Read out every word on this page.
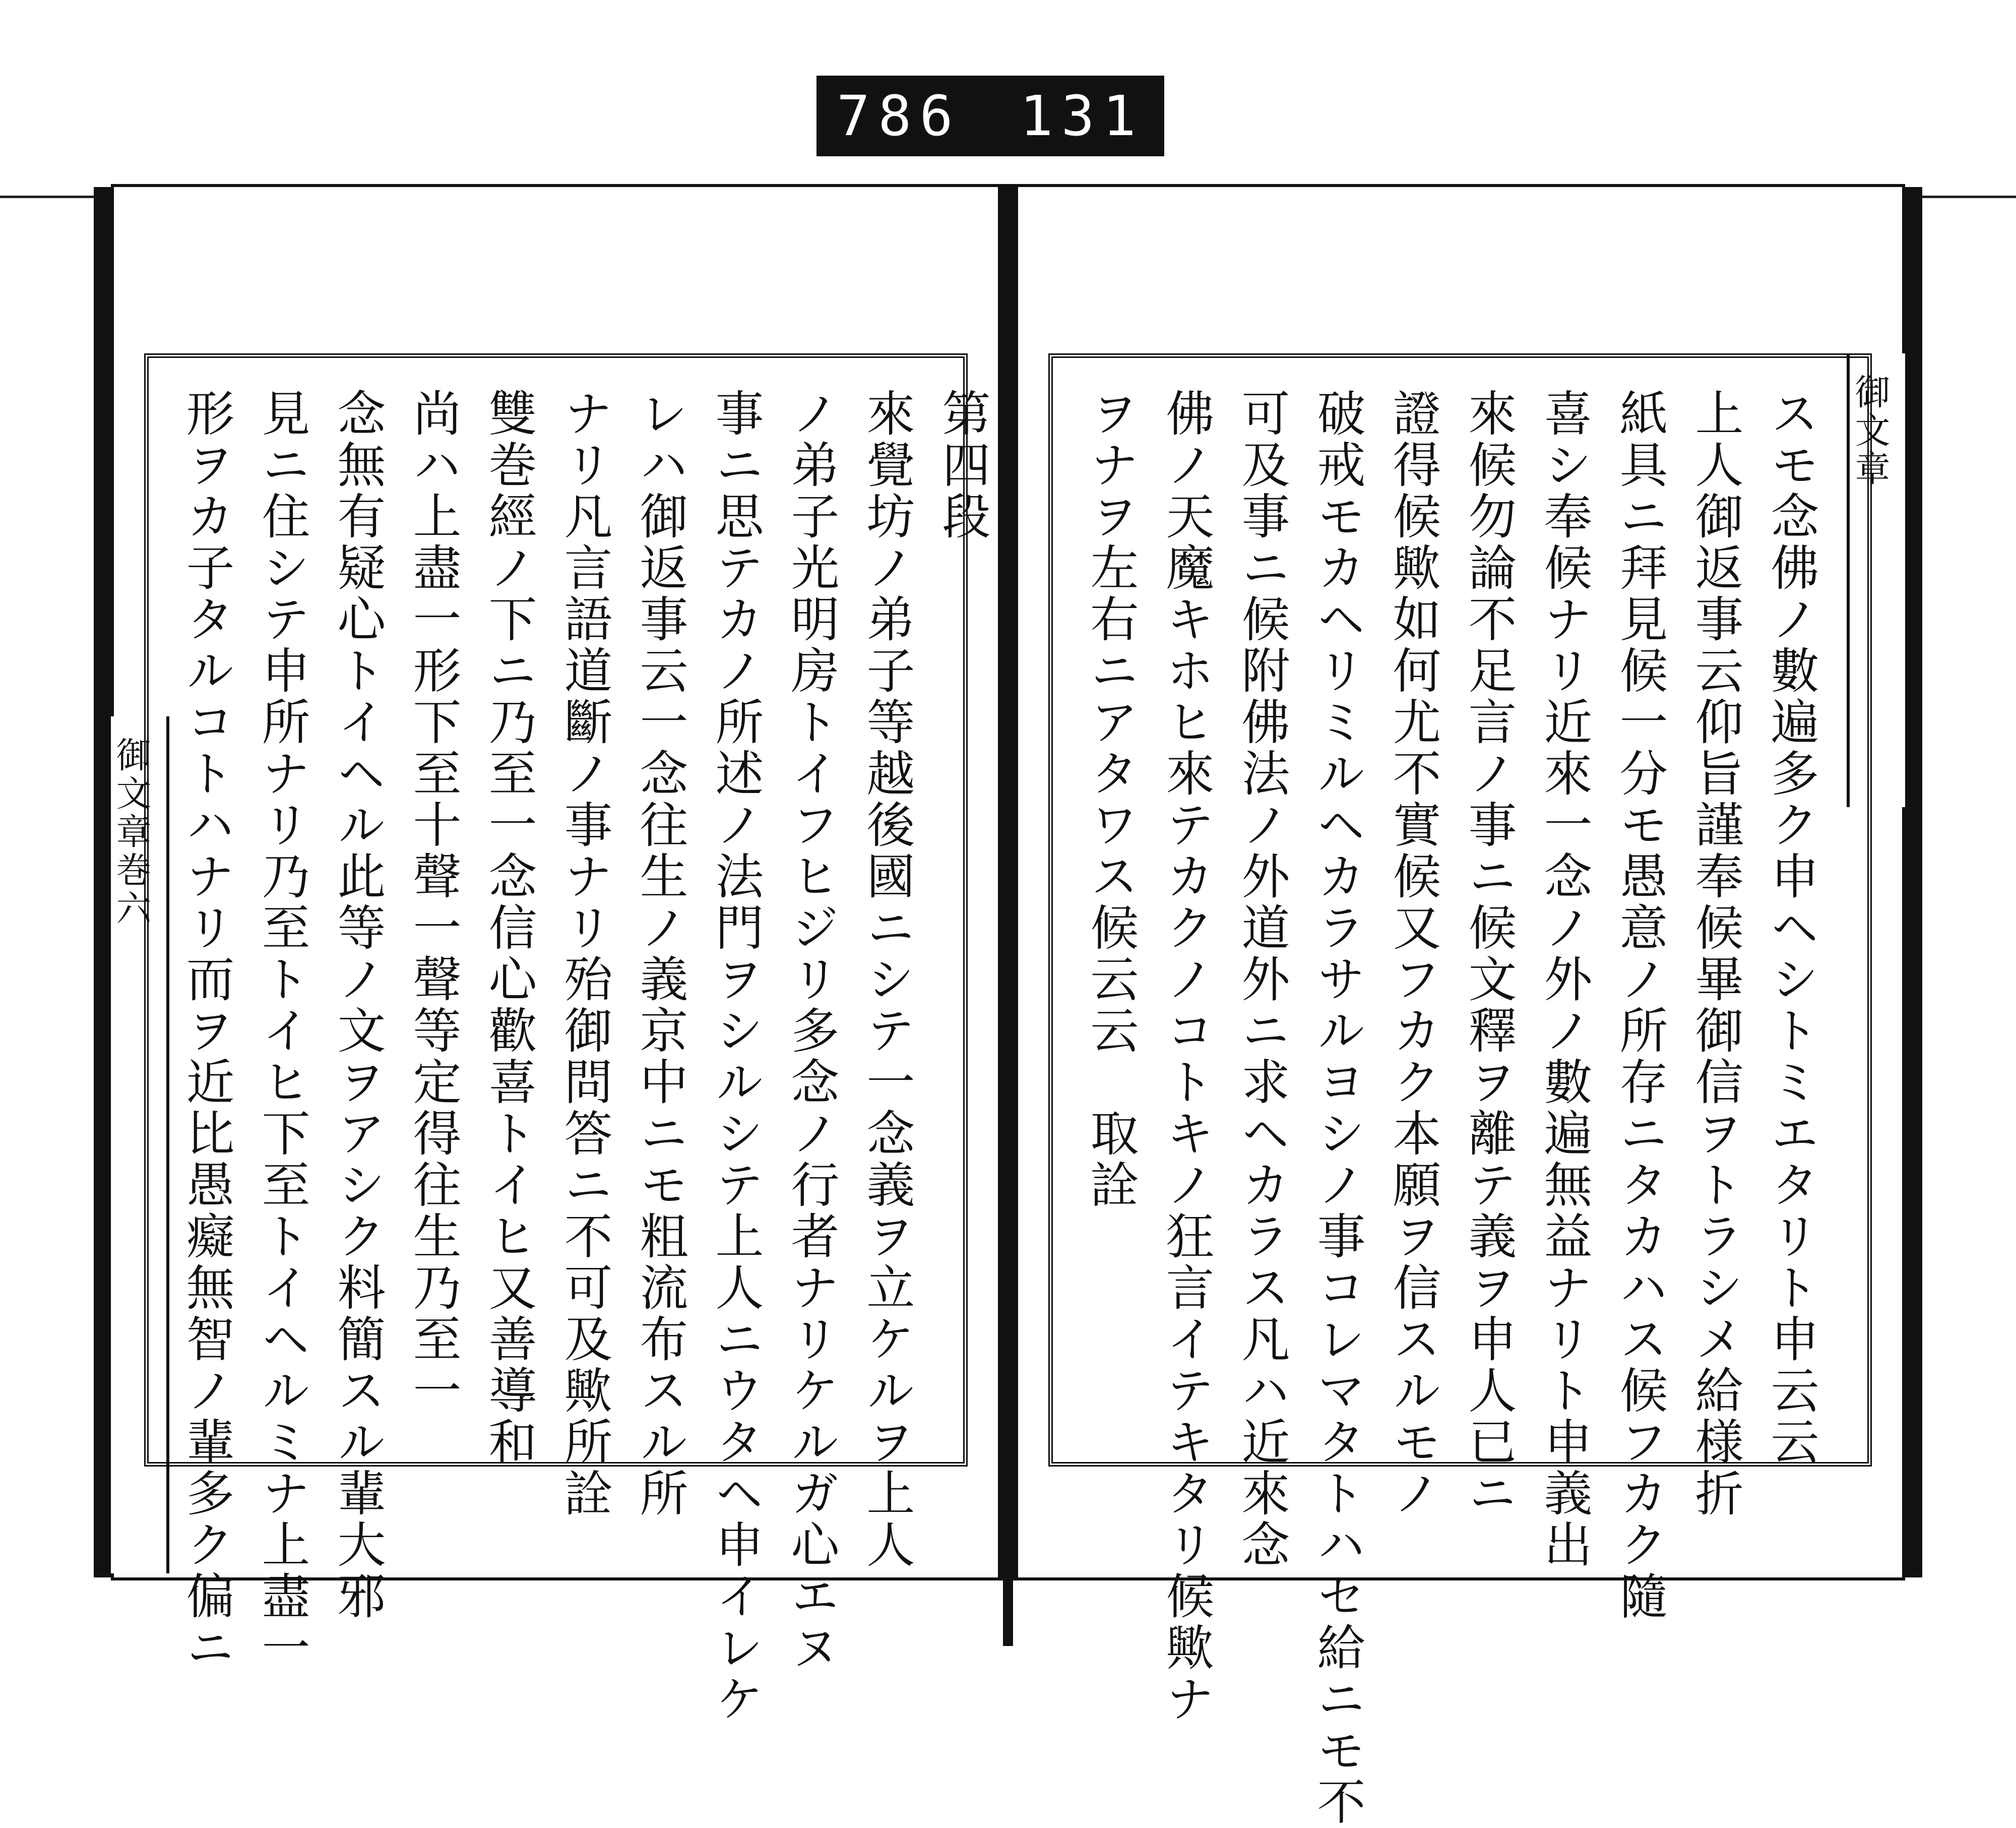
786 131
御文章巻六
第四段
來覺坊ノ弟子等越後國ニシテ一念義ヲ立ケルヲ上人
ノ弟子光明房トイフヒジリ多念ノ行者ナリケルガ心エヌ
事ニ思テカノ所述ノ法門ヲシルシテ上人ニウタヘ申イレケ
レハ御返事云一念往生ノ義京中ニモ粗流布スル所
ナリ凡言語道斷ノ事ナリ殆御問答ニ不可及歟所詮
雙巻經ノ下ニ乃至一念信心歡喜トイヒ又善導和
尚ハ上盡一形下至十聲一聲等定得往生乃至一
念無有疑心トイヘル此等ノ文ヲアシク料簡スル輩大邪
見ニ住シテ申所ナリ乃至トイヒ下至トイヘルミナ上盡一
形ヲカ子タルコトハナリ而ヲ近比愚癡無智ノ輩多ク偏ニ	御文章
スモ念佛ノ數遍多ク申ヘシトミエタリト申云云
上人御返事云仰旨謹奉候畢御信ヲトラシメ給様折
紙具ニ拜見候一分モ愚意ノ所存ニタカハス候フカク隨
喜シ奉候ナリ近來一念ノ外ノ數遍無益ナリト申義出
來候勿論不足言ノ事ニ候文釋ヲ離テ義ヲ申人已ニ
證得候歟如何尤不實候又フカク本願ヲ信スルモノ
破戒モカヘリミルヘカラサルヨシノ事コレマタトハセ給ニモ不
可及事ニ候附佛法ノ外道外ニ求ヘカラス凡ハ近來念
佛ノ天魔キホヒ來テカクノコトキノ狂言イテキタリ候歟ナ
ヲナヲ左右ニアタワス候云云　取詮
